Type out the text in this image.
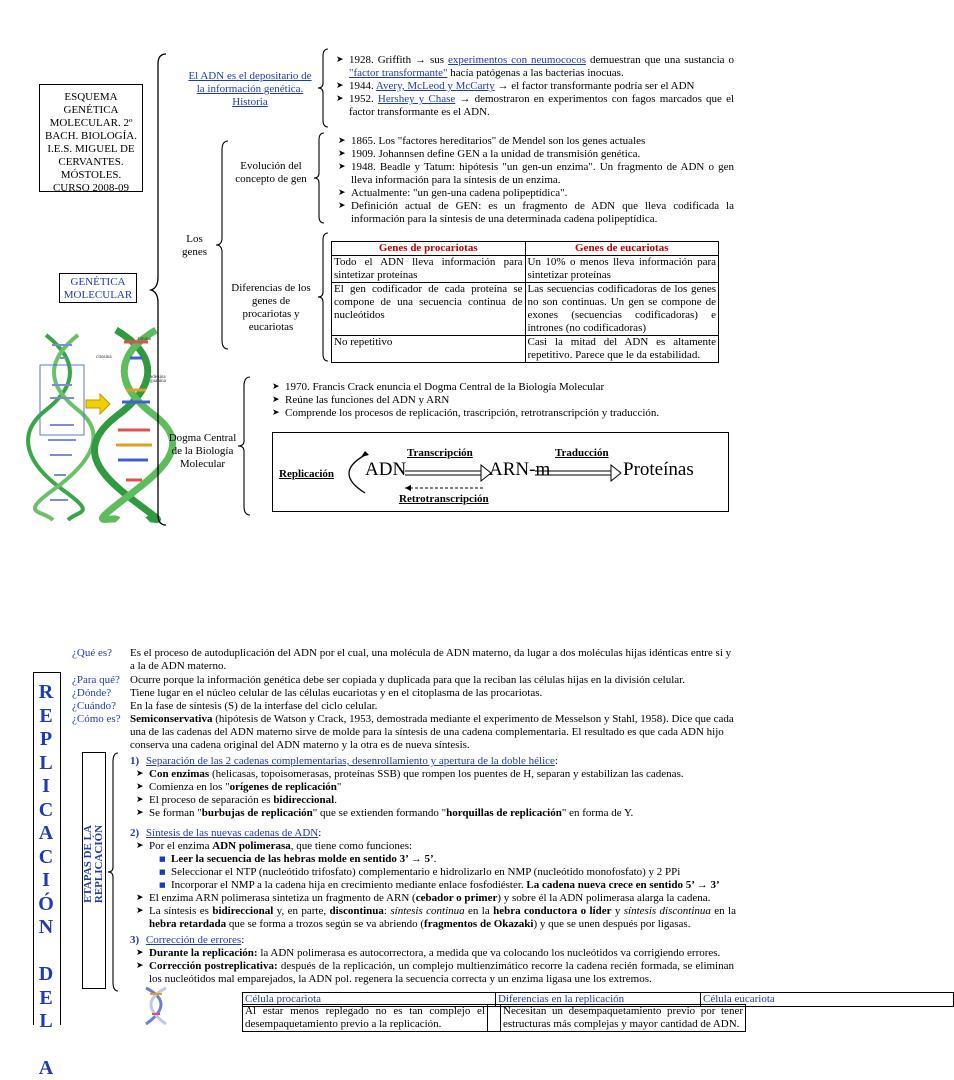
ESQUEMA
GENÉTICA
MOLECULAR. 2º
BACH. BIOLOGÍA.
I.E.S. MIGUEL DE
CERVANTES.
MÓSTOLES.
CURSO 2008-09
GENÉTICA
MOLECULAR
timina
citosina
adenina
guanina
El ADN es el depositario de
la información genética.
Historia
➤ 1928. Griffith → sus experimentos con neumococos demuestran que una sustancia o "factor transformante" hacía patógenas a las bacterias inocuas.
➤ 1944. Avery, McLeod y McCarty → el factor transformante podría ser el ADN
➤ 1952. Hershey y Chase → demostraron en experimentos con fagos marcados que el factor transformante es el ADN.
Los
genes
Evolución del
concepto de gen
➤ 1865. Los "factores hereditarios" de Mendel son los genes actuales
➤ 1909. Johannsen define GEN a la unidad de transmisión genética.
➤ 1948. Beadle y Tatum: hipótesis "un gen-un enzima". Un fragmento de ADN o gen lleva información para la síntesis de un enzima.
➤ Actualmente: "un gen-una cadena polipeptídica".
➤ Definición actual de GEN: es un fragmento de ADN que lleva codificada la información para la síntesis de una determinada cadena polipeptídica.
Diferencias de los
genes de
procariotas y
eucariotas
Genes de procariotas	Genes de eucariotas
Todo el ADN lleva información para sintetizar proteínas	Un 10% o menos lleva información para sintetizar proteínas
El gen codificador de cada proteína se compone de una secuencia continua de nucleótidos	Las secuencias codificadoras de los genes no son continuas. Un gen se compone de exones (secuencias codificadoras) e intrones (no codificadoras)
No repetitivo	Casi la mitad del ADN es altamente repetitivo. Parece que le da estabilidad.
Dogma Central
de la Biología
Molecular
➤ 1970. Francis Crack enuncia el Dogma Central de la Biología Molecular
➤ Reúne las funciones del ADN y ARN
➤ Comprende los procesos de replicación, trascripción, retrotranscripción y traducción.
Replicación ADN
Transcripción
ARN-m
Traducción
Proteínas
Retrotranscripción
R
E
P
L
I
C
A
C
I
Ó
N
D
E
L
A
¿Qué es? Es el proceso de autoduplicación del ADN por el cual, una molécula de ADN materno, da lugar a dos moléculas hijas idénticas entre si y a la de ADN materno.
¿Para qué? Ocurre porque la información genética debe ser copiada y duplicada para que la reciban las células hijas en la división celular.
¿Dónde? Tiene lugar en el núcleo celular de las células eucariotas y en el citoplasma de las procariotas.
¿Cuándo? En la fase de síntesis (S) de la interfase del ciclo celular.
¿Cómo es? Semiconservativa (hipótesis de Watson y Crack, 1953, demostrada mediante el experimento de Messelson y Stahl, 1958). Dice que cada una de las cadenas del ADN materno sirve de molde para la síntesis de una cadena complementaria. El resultado es que cada ADN hijo conserva una cadena original del ADN materno y la otra es de nueva síntesis.
ETAPAS DE LA REPLICACIÓN
1) Separación de las 2 cadenas complementarias, desenrollamiento y apertura de la doble hélice:
➤ Con enzimas (helicasas, topoisomerasas, proteínas SSB) que rompen los puentes de H, separan y estabilizan las cadenas.
➤ Comienza en los "orígenes de replicación"
➤ El proceso de separación es bidireccional.
➤ Se forman "burbujas de replicación" que se extienden formando "horquillas de replicación" en forma de Y.
2) Síntesis de las nuevas cadenas de ADN:
➤ Por el enzima ADN polimerasa, que tiene como funciones:
■ Leer la secuencia de las hebras molde en sentido 3’ → 5’.
■ Seleccionar el NTP (nucleótido trifosfato) complementario e hidrolizarlo en NMP (nucleótido monofosfato) y 2 PPi
■ Incorporar el NMP a la cadena hija en crecimiento mediante enlace fosfodiéster. La cadena nueva crece en sentido 5’ → 3’
➤ El enzima ARN polimerasa sintetiza un fragmento de ARN (cebador o primer) y sobre él la ADN polimerasa alarga la cadena.
➤ La síntesis es bidireccional y, en parte, discontinua: síntesis continua en la hebra conductora o líder y síntesis discontinua en la hebra retardada que se forma a trozos según se va abriendo (fragmentos de Okazaki) y que se unen después por ligasas.
3) Corrección de errores:
➤ Durante la replicación: la ADN polimerasa es autocorrectora, a medida que va colocando los nucleótidos va corrigiendo errores.
➤ Corrección postreplicativa: después de la replicación, un complejo multienzimático recorre la cadena recién formada, se eliminan los nucleótidos mal emparejados, la ADN pol. regenera la secuencia correcta y un enzima ligasa une los extremos.
Célula procariota	Diferencias en la replicación	Célula eucariota
Al estar menos replegado no es tan complejo el desempaquetamiento previo a la replicación.		Necesitan un desempaquetamiento previo por tener estructuras más complejas y mayor cantidad de ADN.
